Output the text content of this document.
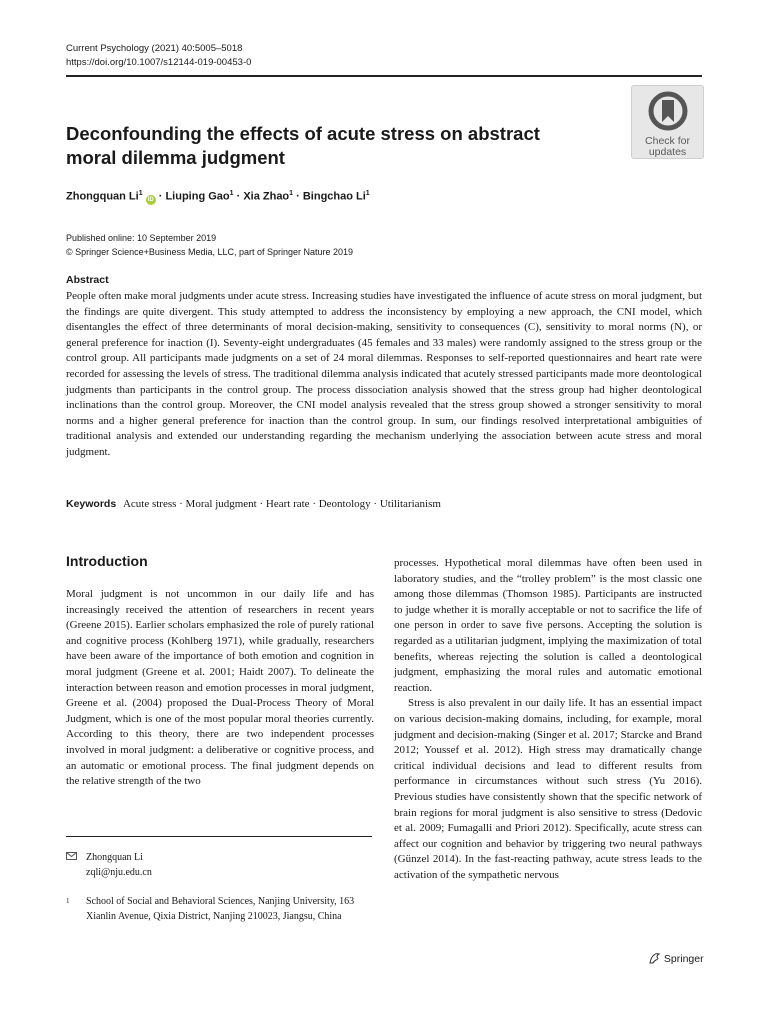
Current Psychology (2021) 40:5005–5018
https://doi.org/10.1007/s12144-019-00453-0
Check for
updates
Deconfounding the effects of acute stress on abstract moral dilemma judgment
Zhongquan Li$^1$ iD · Liuping Gao$^1$ · Xia Zhao$^1$ · Bingchao Li$^1$
Published online: 10 September 2019
© Springer Science+Business Media, LLC, part of Springer Nature 2019
Abstract

People often make moral judgments under acute stress. Increasing studies have investigated the influence of acute stress on moral judgment, but the findings are quite divergent. This study attempted to address the inconsistency by employing a new approach, the CNI model, which disentangles the effect of three determinants of moral decision-making, sensitivity to consequences (C), sensitivity to moral norms (N), or general preference for inaction (I). Seventy-eight undergraduates (45 females and 33 males) were randomly assigned to the stress group or the control group. All participants made judgments on a set of 24 moral dilemmas. Responses to self-reported questionnaires and heart rate were recorded for assessing the levels of stress. The traditional dilemma analysis indicated that acutely stressed participants made more deontological judgments than participants in the control group. The process dissociation analysis showed that the stress group had higher deontological inclinations than the control group. Moreover, the CNI model analysis revealed that the stress group showed a stronger sensitivity to moral norms and a higher general preference for inaction than the control group. In sum, our findings resolved interpretational ambiguities of traditional analysis and extended our understanding regarding the mechanism underlying the association between acute stress and moral judgment.

Keywords Acute stress · Moral judgment · Heart rate · Deontology · Utilitarianism
Introduction

Moral judgment is not uncommon in our daily life and has increasingly received the attention of researchers in recent years (Greene 2015). Earlier scholars emphasized the role of purely rational and cognitive process (Kohlberg 1971), while gradually, researchers have been aware of the importance of both emotion and cognition in moral judgment (Greene et al. 2001; Haidt 2007). To delineate the interaction between reason and emotion processes in moral judgment, Greene et al. (2004) proposed the Dual-Process Theory of Moral Judgment, which is one of the most popular moral theories currently. According to this theory, there are two independent processes involved in moral judgment: a deliberative or cognitive process, and an automatic or emotional process. The final judgment depends on the relative strength of the two

processes. Hypothetical moral dilemmas have often been used in laboratory studies, and the “trolley problem” is the most classic one among those dilemmas (Thomson 1985). Participants are instructed to judge whether it is morally acceptable or not to sacrifice the life of one person in order to save five persons. Accepting the solution is regarded as a utilitarian judgment, implying the maximization of total benefits, whereas rejecting the solution is called a deontological judgment, emphasizing the moral rules and automatic emotional reaction.

Stress is also prevalent in our daily life. It has an essential impact on various decision-making domains, including, for example, moral judgment and decision-making (Singer et al. 2017; Starcke and Brand 2012; Youssef et al. 2012). High stress may dramatically change critical individual decisions and lead to different results from performance in circumstances without such stress (Yu 2016). Previous studies have consistently shown that the specific network of brain regions for moral judgment is also sensitive to stress (Dedovic et al. 2009; Fumagalli and Priori 2012). Specifically, acute stress can affect our cognition and behavior by triggering two neural pathways (Günzel 2014). In the fast-reacting pathway, acute stress leads to the activation of the sympathetic nervous

Zhongquan Li
zqli@nju.edu.cn
1	School of Social and Behavioral Sciences, Nanjing University, 163 Xianlin Avenue, Qixia District, Nanjing 210023, Jiangsu, China
Springer
